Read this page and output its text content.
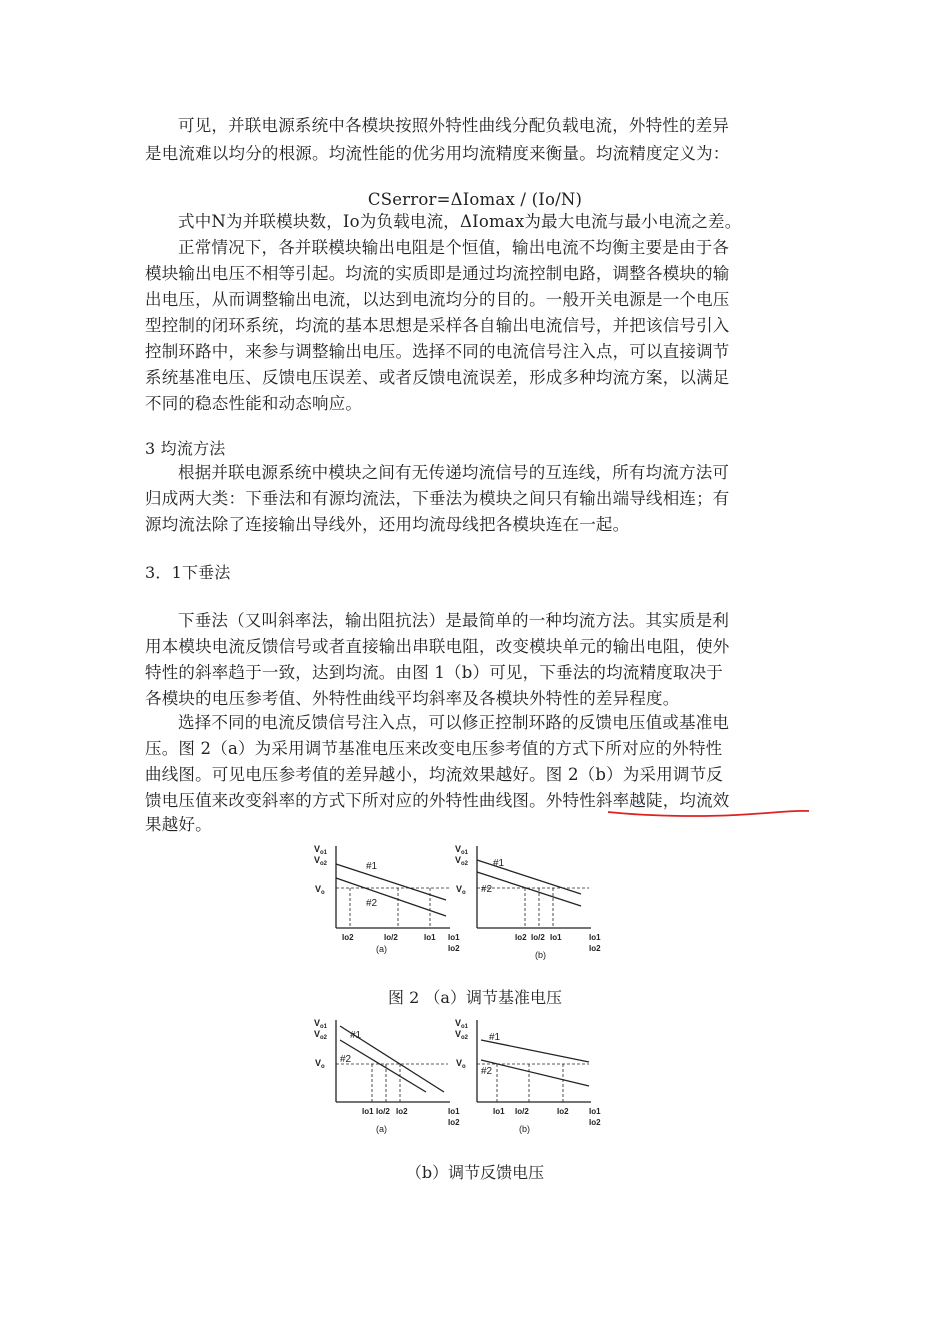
可见，并联电源系统中各模块按照外特性曲线分配负载电流，外特性的差异
是电流难以均分的根源。均流性能的优劣用均流精度来衡量。均流精度定义为：
CSerror=ΔIomax / (Io/N)
式中N为并联模块数，Io为负载电流，ΔIomax为最大电流与最小电流之差。
正常情况下，各并联模块输出电阻是个恒值，输出电流不均衡主要是由于各
模块输出电压不相等引起。均流的实质即是通过均流控制电路，调整各模块的输
出电压，从而调整输出电流，以达到电流均分的目的。一般开关电源是一个电压
型控制的闭环系统，均流的基本思想是采样各自输出电流信号，并把该信号引入
控制环路中，来参与调整输出电压。选择不同的电流信号注入点，可以直接调节
系统基准电压、反馈电压误差、或者反馈电流误差，形成多种均流方案，以满足
不同的稳态性能和动态响应。
3 均流方法
根据并联电源系统中模块之间有无传递均流信号的互连线，所有均流方法可
归成两大类：下垂法和有源均流法，下垂法为模块之间只有输出端导线相连；有
源均流法除了连接输出导线外，还用均流母线把各模块连在一起。
3．1下垂法
下垂法（又叫斜率法，输出阻抗法）是最简单的一种均流方法。其实质是利
用本模块电流反馈信号或者直接输出串联电阻，改变模块单元的输出电阻，使外
特性的斜率趋于一致，达到均流。由图 1（b）可见，下垂法的均流精度取决于
各模块的电压参考值、外特性曲线平均斜率及各模块外特性的差异程度。
选择不同的电流反馈信号注入点，可以修正控制环路的反馈电压值或基准电
压。图 2（a）为采用调节基准电压来改变电压参考值的方式下所对应的外特性
曲线图。可见电压参考值的差异越小，均流效果越好。图 2（b）为采用调节反
馈电压值来改变斜率的方式下所对应的外特性曲线图。外特性斜率越陡，均流效
果越好。
$V_{o1}$
$V_{o2}$
$V_o$
#1
#2
Io2	Io/2	Io1 Io1
Io2
(a)
$V_{o1}$
$V_{o2}$
$V_o$
#1
#2
Io2 Io/2 Io1	Io1
Io2
(b)
图 2 （a）调节基准电压
$V_{o1}$
$V_{o2}$
$V_o$
#1
#2
Io1 Io/2 Io2	Io1
Io2
(a)
$V_{o1}$
$V_{o2}$
$V_o$
#1
#2
Io1 Io/2	Io2	Io1
Io2
(b)
（b）调节反馈电压
